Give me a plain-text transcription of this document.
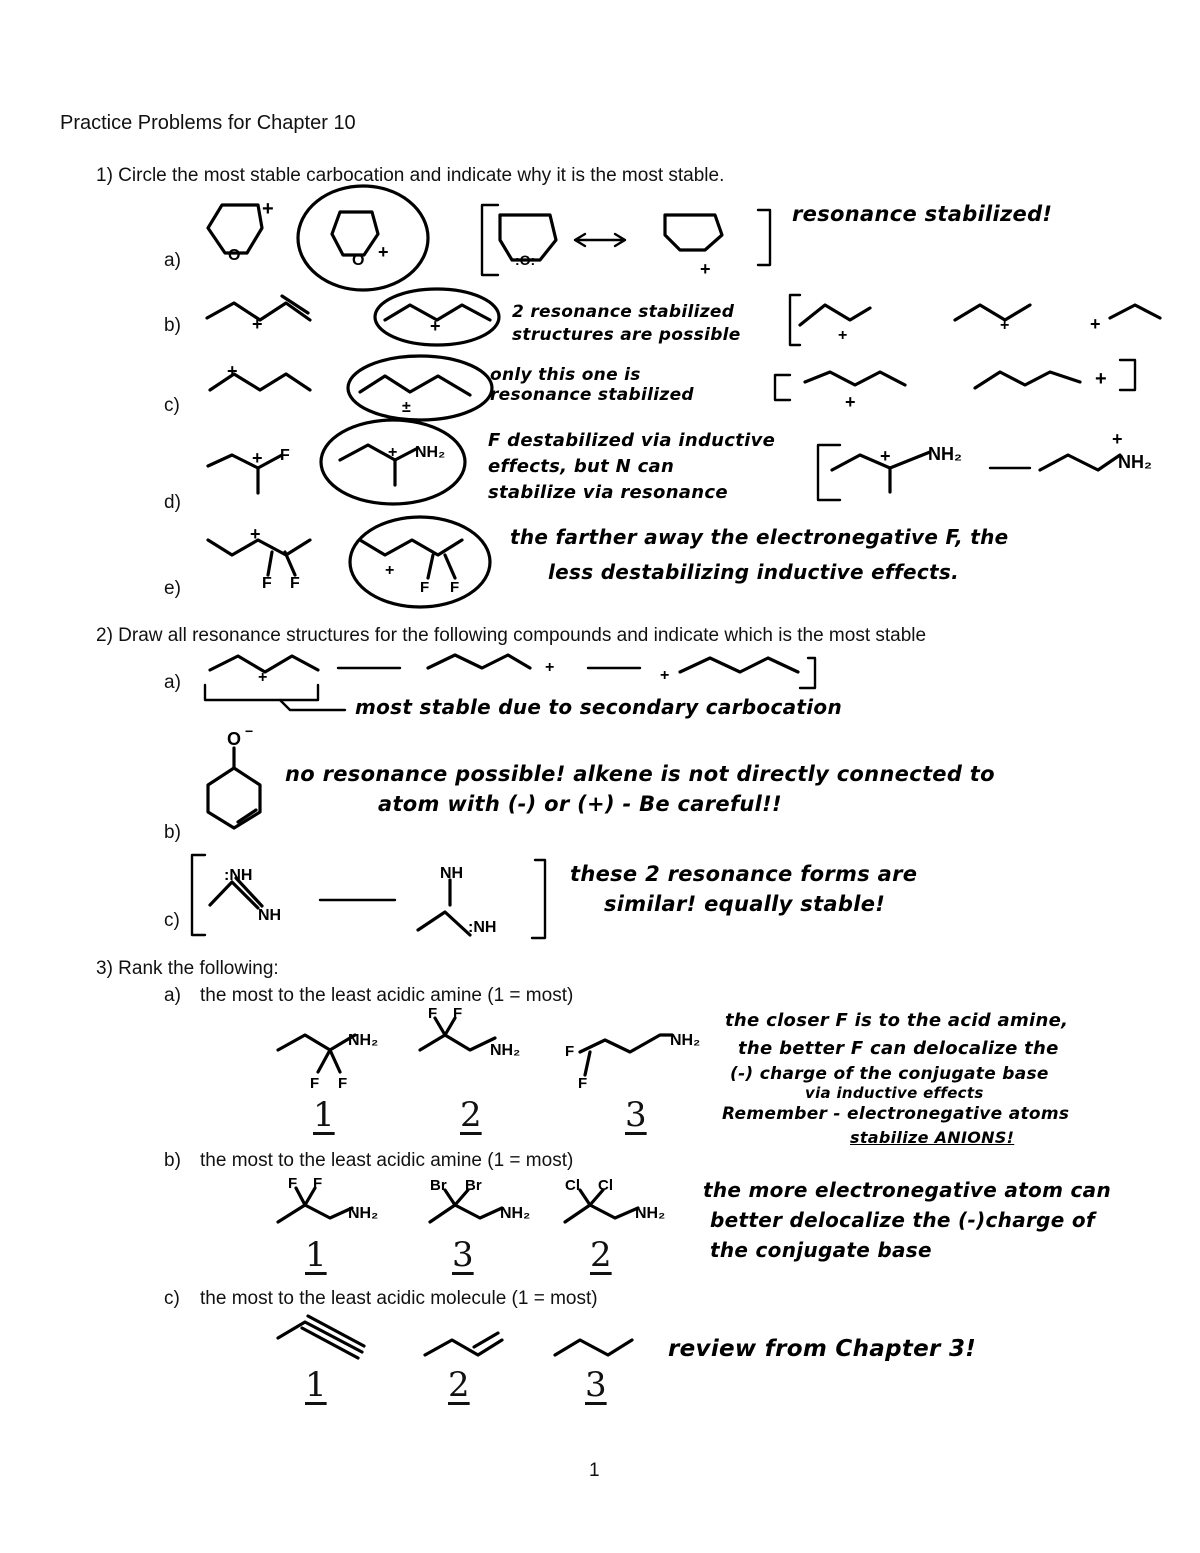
Practice Problems for Chapter 10
1) Circle the most stable carbocation and indicate why it is the most stable.
a)
b)
c)
d)
e)
2) Draw all resonance structures for the following compounds and indicate which is the most stable
a)
b)
c)
3) Rank the following:
a) the most to the least acidic amine (1 = most)
b) the most to the least acidic amine (1 = most)
c) the most to the least acidic molecule (1 = most)
resonance stabilized!
2 resonance stabilized
structures are possible
only this one is
resonance stabilized
F destabilized via inductive
effects, but N can
stabilize via resonance
the farther away the electronegative F, the
less destabilizing inductive effects.
most stable due to secondary carbocation
no resonance possible! alkene is not directly connected to
atom with (-) or (+) - Be careful!!
these 2 resonance forms are
similar! equally stable!
the closer F is to the acid amine,
the better F can delocalize the
(-) charge of the conjugate base
via inductive effects
Remember - electronegative atoms
stabilize ANIONS!
the more electronegative atom can
better delocalize the (-)charge of
the conjugate base
review from Chapter 3!
1	2	3
1	3	2
1	2	3
1
O
+
O +	:O:	+
+	+	+
+
+
+
±	+
+
+ F	+ NH₂	+ NH₂
+
NH₂
+
F F
+
F F
+
+	+
O −
:NH
NH
NH
:NH
NH₂
F F
F F
NH₂	F
F
NH₂
F F
NH₂
Br Br
NH₂
Cl Cl
NH₂
